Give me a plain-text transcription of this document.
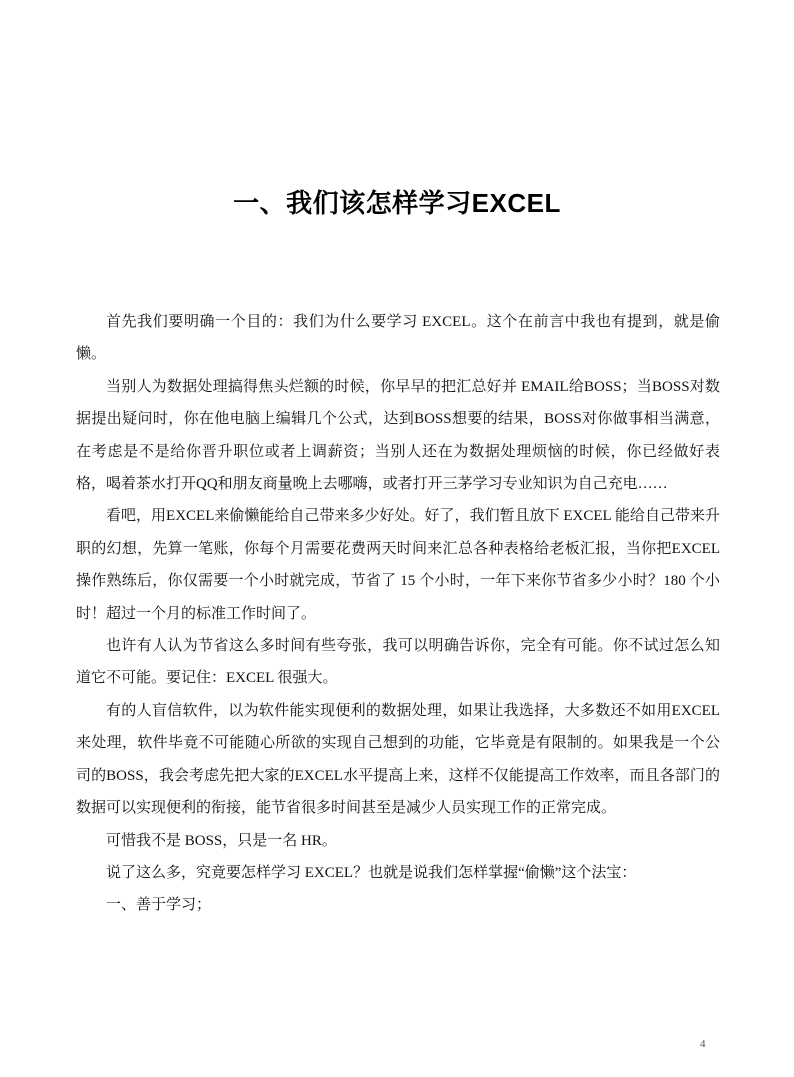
一、我们该怎样学习EXCEL

首先我们要明确一个目的：我们为什么要学习 EXCEL。这个在前言中我也有提到，就是偷懒。

当别人为数据处理搞得焦头烂额的时候，你早早的把汇总好并 EMAIL给BOSS；当BOSS对数据提出疑问时，你在他电脑上编辑几个公式，达到BOSS想要的结果，BOSS对你做事相当满意，在考虑是不是给你晋升职位或者上调薪资；当别人还在为数据处理烦恼的时候，你已经做好表格，喝着茶水打开QQ和朋友商量晚上去哪嗨，或者打开三茅学习专业知识为自己充电……

看吧，用EXCEL来偷懒能给自己带来多少好处。好了，我们暂且放下 EXCEL 能给自己带来升职的幻想，先算一笔账，你每个月需要花费两天时间来汇总各种表格给老板汇报，当你把EXCEL操作熟练后，你仅需要一个小时就完成，节省了 15 个小时，一年下来你节省多少小时？180 个小时！超过一个月的标准工作时间了。

也许有人认为节省这么多时间有些夸张，我可以明确告诉你，完全有可能。你不试过怎么知道它不可能。要记住：EXCEL 很强大。

有的人盲信软件，以为软件能实现便利的数据处理，如果让我选择，大多数还不如用EXCEL来处理，软件毕竟不可能随心所欲的实现自己想到的功能，它毕竟是有限制的。如果我是一个公司的BOSS，我会考虑先把大家的EXCEL水平提高上来，这样不仅能提高工作效率，而且各部门的数据可以实现便利的衔接，能节省很多时间甚至是减少人员实现工作的正常完成。

可惜我不是 BOSS，只是一名 HR。

说了这么多，究竟要怎样学习 EXCEL？也就是说我们怎样掌握“偷懒”这个法宝：

一、善于学习；

4
